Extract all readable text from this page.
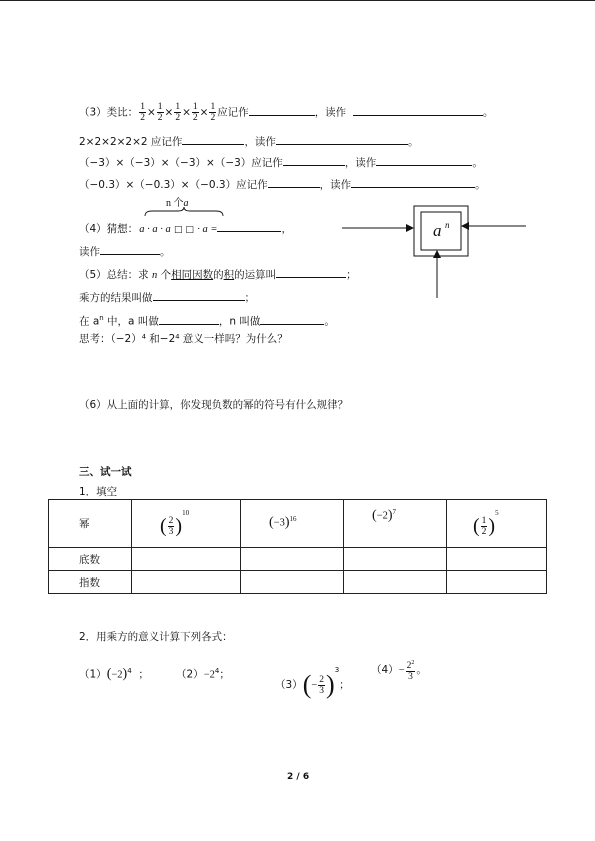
（3）类比： $\frac{1}{2} \times \frac{1}{2} \times \frac{1}{2} \times \frac{1}{2} \times \frac{1}{2}$ 应记作	，读作	。
2×2×2×2×2 应记作	，读作	。
（−3）×（−3）×（−3）×（−3）应记作	，读作	。
（−0.3）×（−0.3）×（−0.3）应记作	，读作	。
n 个a
（4）猜想：a · a · a □ □ · a =	，
读作	。
a n
（5）总结：求 n 个相同因数的积的运算叫	；
乘方的结果叫做	；
在 $a^n$ 中，a 叫做	，n 叫做	。
思考：（−2）⁴ 和−2⁴ 意义一样吗？为什么？
（6）从上面的计算，你发现负数的幂的符号有什么规律？
三、试一试
1．填空
幂	( $\frac{2}{3} )^{10}$	$(-3)^{16}$	$(-2)^7$	( $\frac{1}{2} )^5$
底数				
指数				
2．用乘方的意义计算下列各式：
$(1)(-2)^4$ ；	$(2)-2^4$；
$(3)(- \frac{2}{3} )^3$；
$(4)- \frac{2^2}{3}$ 。
2 / 6
